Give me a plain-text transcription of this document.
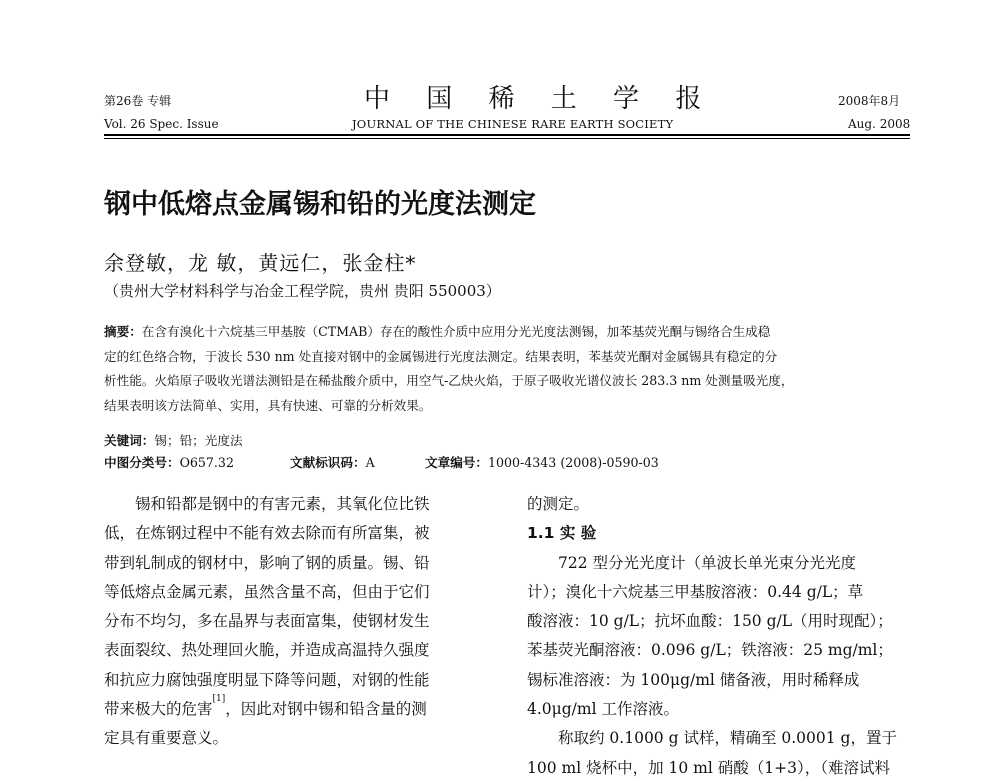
第26卷 专辑	中 国 稀 土 学 报	2008年8月
Vol. 26 Spec. Issue	JOURNAL OF THE CHINESE RARE EARTH SOCIETY	Aug. 2008
钢中低熔点金属锡和铅的光度法测定
余登敏，龙 敏，黄远仁，张金柱*
（贵州大学材料科学与冶金工程学院，贵州 贵阳 550003）
摘要：在含有溴化十六烷基三甲基胺（CTMAB）存在的酸性介质中应用分光光度法测锡，加苯基荧光酮与锡络合生成稳
定的红色络合物，于波长 530 nm 处直接对钢中的金属锡进行光度法测定。结果表明，苯基荧光酮对金属锡具有稳定的分
析性能。火焰原子吸收光谱法测铅是在稀盐酸介质中，用空气-乙炔火焰，于原子吸收光谱仪波长 283.3 nm 处测量吸光度，
结果表明该方法简单、实用，具有快速、可靠的分析效果。
关键词：锡；铅；光度法
中图分类号：O657.32	文献标识码：A	文章编号：1000-4343 (2008)-0590-03

锡和铅都是钢中的有害元素，其氧化位比铁

低，在炼钢过程中不能有效去除而有所富集，被

带到轧制成的钢材中，影响了钢的质量。锡、铅

等低熔点金属元素，虽然含量不高，但由于它们

分布不均匀，多在晶界与表面富集，使钢材发生

表面裂纹、热处理回火脆，并造成高温持久强度

和抗应力腐蚀强度明显下降等问题，对钢的性能

带来极大的危害[1]，因此对钢中锡和铅含量的测

定具有重要意义。

的测定。

1.1 实 验

722 型分光光度计（单波长单光束分光光度

计）；溴化十六烷基三甲基胺溶液：0.44 g/L；草

酸溶液：10 g/L；抗坏血酸：150 g/L（用时现配）；

苯基荧光酮溶液：0.096 g/L；铁溶液：25 mg/ml；

锡标准溶液：为 100μg/ml 储备液，用时稀释成

4.0μg/ml 工作溶液。

称取约 0.1000 g 试样，精确至 0.0001 g，置于

100 ml 烧杯中，加 10 ml 硝酸（1+3），（难溶试料
